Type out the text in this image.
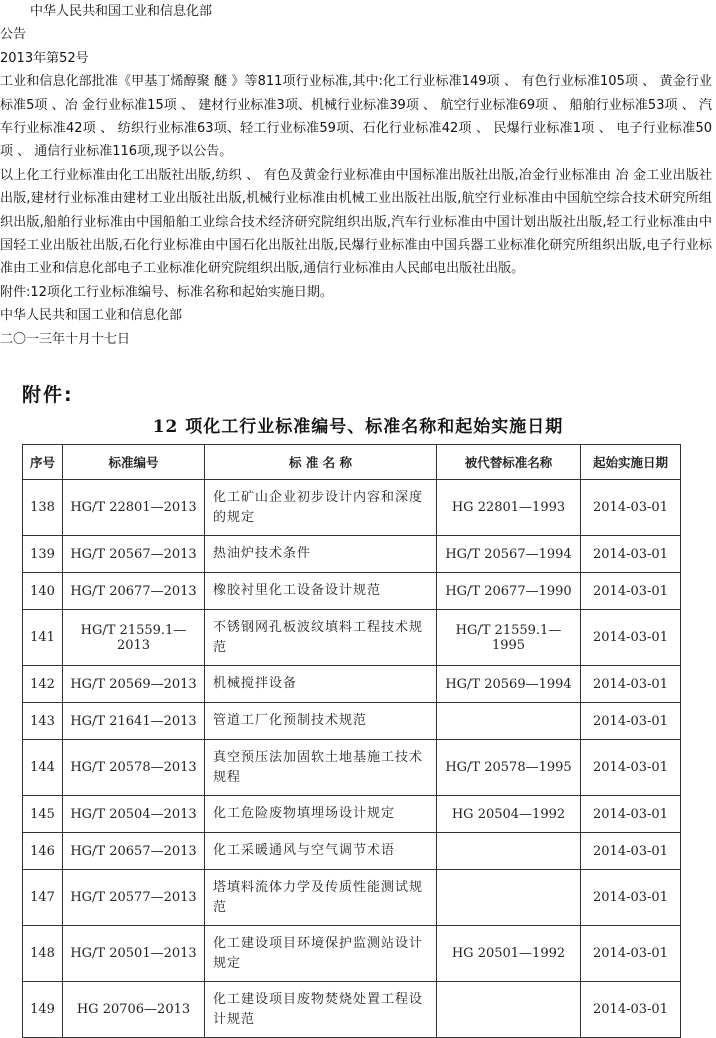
中华人民共和国工业和信息化部

公告

2013年第52号

工业和信息化部批准《甲基丁烯醇聚 醚 》等811项行业标准,其中:化工行业标准149项 、 有色行业标准105项 、 黄金行业标准5项 、冶 金行业标准15项 、 建材行业标准3项、机械行业标准39项 、 航空行业标准69项 、 船舶行业标准53项 、 汽车行业标准42项 、 纺织行业标准63项、轻工行业标准59项、石化行业标准42项 、 民爆行业标准1项 、 电子行业标准50项 、 通信行业标准116项,现予以公告。

以上化工行业标准由化工出版社出版,纺织 、 有色及黄金行业标准由中国标准出版社出版,冶金行业标准由 冶 金工业出版社出版,建材行业标准由建材工业出版社出版,机械行业标准由机械工业出版社出版,航空行业标准由中国航空综合技术研究所组织出版,船舶行业标准由中国船舶工业综合技术经济研究院组织出版,汽车行业标准由中国计划出版社出版,轻工行业标准由中国轻工业出版社出版,石化行业标准由中国石化出版社出版,民爆行业标准由中国兵器工业标准化研究所组织出版,电子行业标准由工业和信息化部电子工业标准化研究院组织出版,通信行业标准由人民邮电出版社出版。

附件:12项化工行业标准编号、标准名称和起始实施日期。

中华人民共和国工业和信息化部

二〇一三年十月十七日

附件:
12 项化工行业标准编号、标准名称和起始实施日期
序号	标准编号	标 准 名 称	被代替标准名称	起始实施日期
138	HG/T 22801—2013	化工矿山企业初步设计内容和深度的规定	HG 22801—1993	2014-03-01
139	HG/T 20567—2013	热油炉技术条件	HG/T 20567—1994	2014-03-01
140	HG/T 20677—2013	橡胶衬里化工设备设计规范	HG/T 20677—1990	2014-03-01
141	HG/T 21559.1—2013	不锈钢网孔板波纹填料工程技术规范	HG/T 21559.1—1995	2014-03-01
142	HG/T 20569—2013	机械搅拌设备	HG/T 20569—1994	2014-03-01
143	HG/T 21641—2013	管道工厂化预制技术规范		2014-03-01
144	HG/T 20578—2013	真空预压法加固软土地基施工技术规程	HG/T 20578—1995	2014-03-01
145	HG/T 20504—2013	化工危险废物填埋场设计规定	HG 20504—1992	2014-03-01
146	HG/T 20657—2013	化工采暖通风与空气调节术语		2014-03-01
147	HG/T 20577—2013	塔填料流体力学及传质性能测试规范		2014-03-01
148	HG/T 20501—2013	化工建设项目环境保护监测站设计规定	HG 20501—1992	2014-03-01
149	HG 20706—2013	化工建设项目废物焚烧处置工程设计规范		2014-03-01
